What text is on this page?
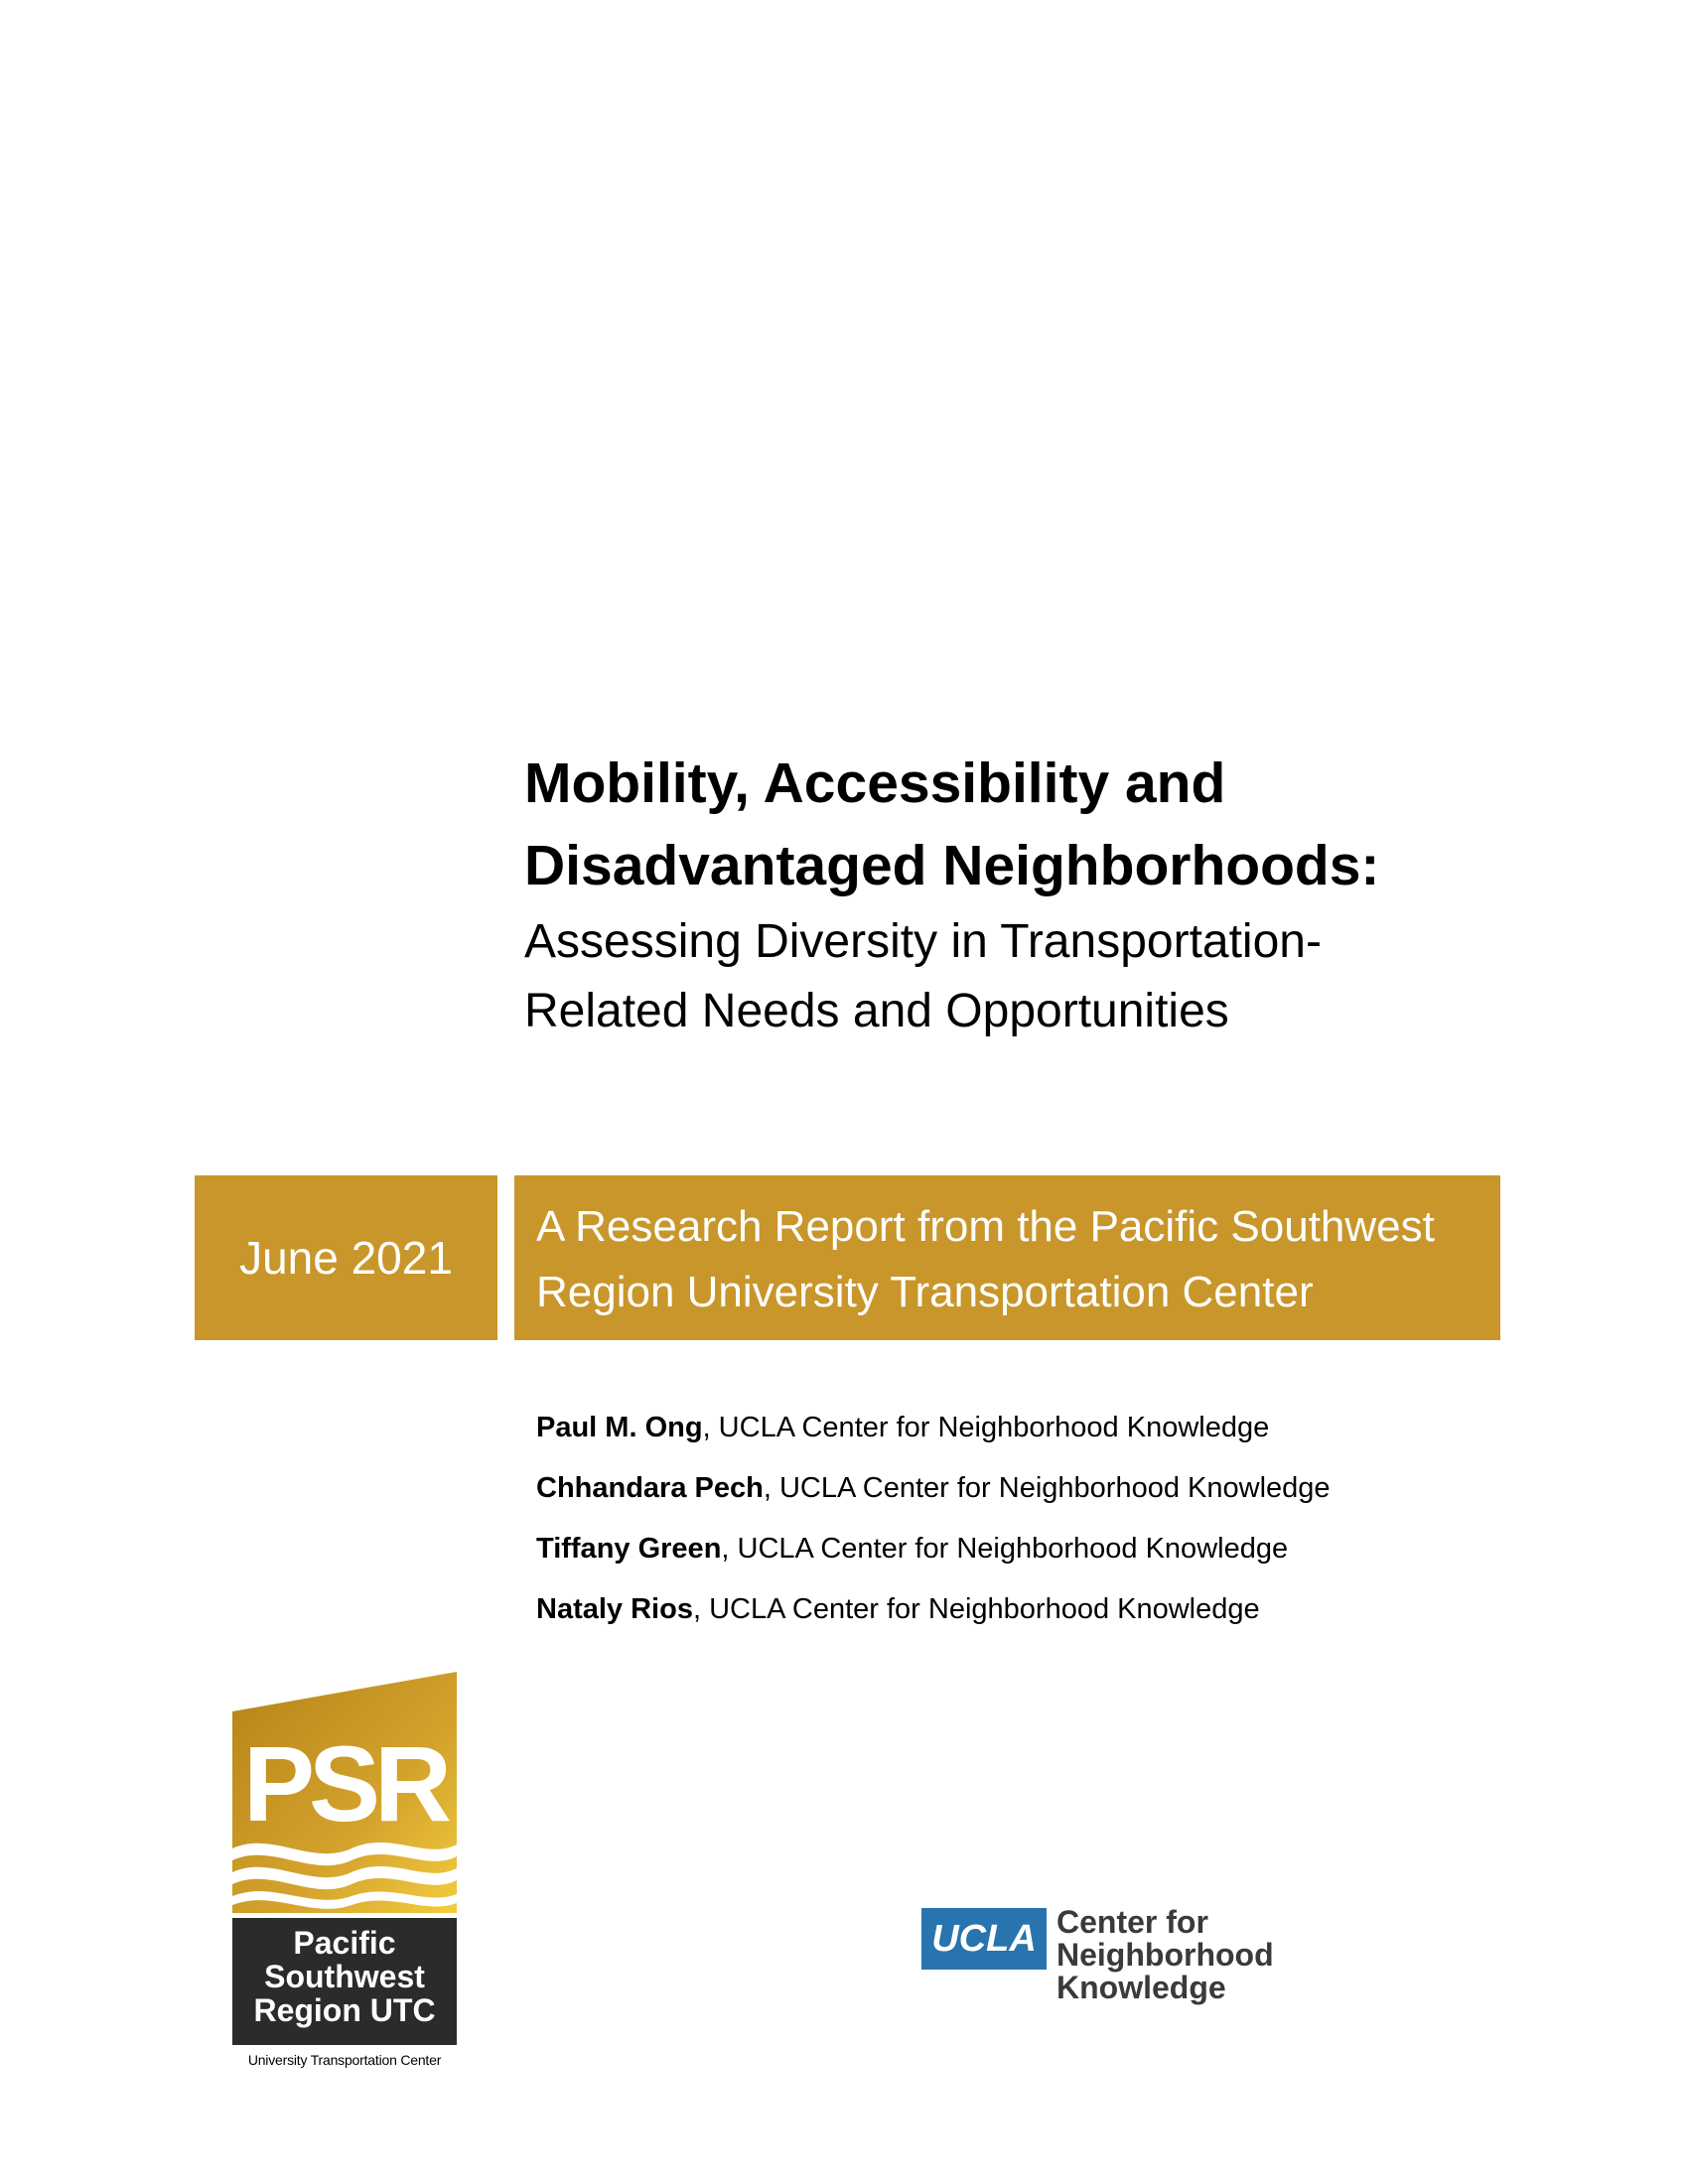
Mobility, Accessibility and
Disadvantaged Neighborhoods:
Assessing Diversity in Transportation-
Related Needs and Opportunities
June 2021
A Research Report from the Pacific Southwest
Region University Transportation Center
Paul M. Ong, UCLA Center for Neighborhood Knowledge
Chhandara Pech, UCLA Center for Neighborhood Knowledge
Tiffany Green, UCLA Center for Neighborhood Knowledge
Nataly Rios, UCLA Center for Neighborhood Knowledge
PSR
Pacific
Southwest
Region UTC
University Transportation Center
UCLA Center for Neighborhood
Knowledge
